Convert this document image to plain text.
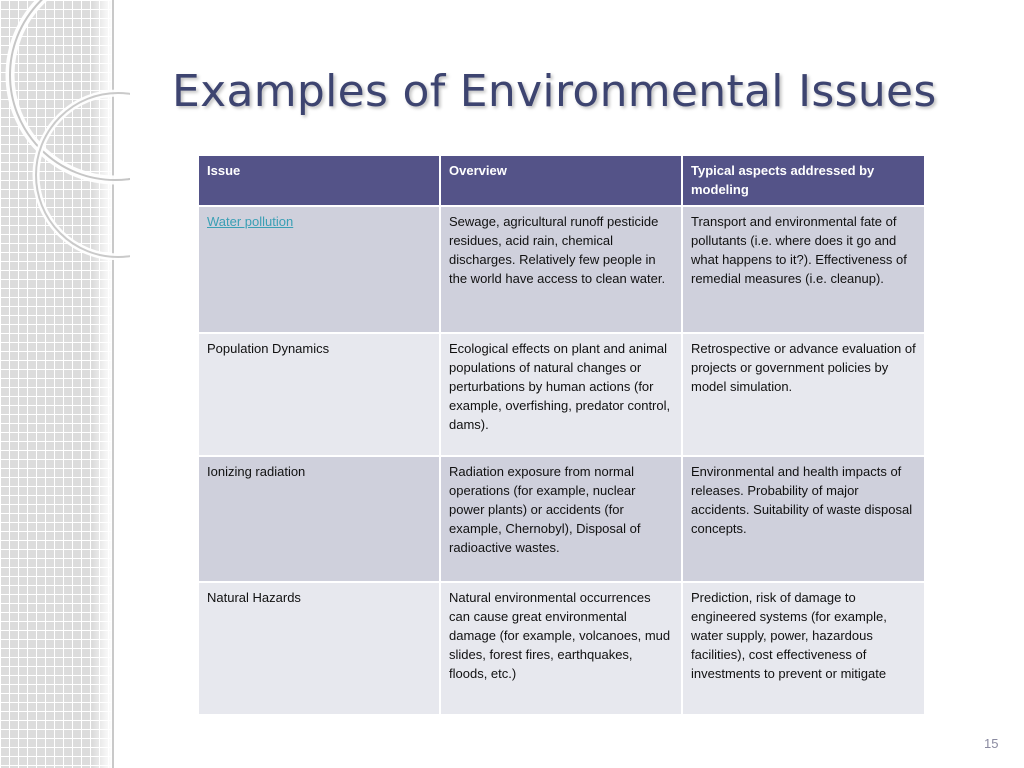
Examples of Environmental Issues
Issue	Overview	Typical aspects addressed by modeling
Water pollution	Sewage, agricultural runoff pesticide residues, acid rain, chemical discharges. Relatively few people in the world have access to clean water.	Transport and environmental fate of pollutants (i.e. where does it go and what happens to it?). Effectiveness of remedial measures (i.e. cleanup).
Population Dynamics	Ecological effects on plant and animal populations of natural changes or perturbations by human actions (for example, overfishing, predator control, dams).	Retrospective or advance evaluation of projects or government policies by model simulation.
Ionizing radiation	Radiation exposure from normal operations (for example, nuclear power plants) or accidents (for example, Chernobyl), Disposal of radioactive wastes.	Environmental and health impacts of releases. Probability of major accidents. Suitability of waste disposal concepts.
Natural Hazards	Natural environmental occurrences can cause great environmental damage (for example, volcanoes, mud slides, forest fires, earthquakes, floods, etc.)	Prediction, risk of damage to engineered systems (for example, water supply, power, hazardous facilities), cost effectiveness of investments to prevent or mitigate
15
